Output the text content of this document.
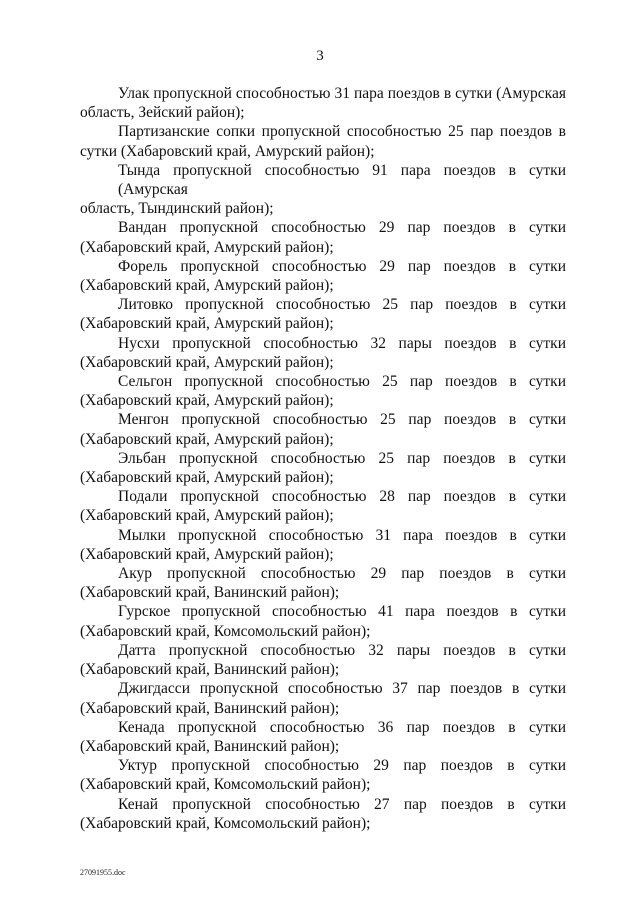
3

Улак пропускной способностью 31 пара поездов в сутки (Амурская
область, Зейский район);

Партизанские сопки пропускной способностью 25 пар поездов в
сутки (Хабаровский край, Амурский район);

Тында пропускной способностью 91 пара поездов в сутки (Амурская
область, Тындинский район);

Вандан пропускной способностью 29 пар поездов в сутки
(Хабаровский край, Амурский район);

Форель пропускной способностью 29 пар поездов в сутки
(Хабаровский край, Амурский район);

Литовко пропускной способностью 25 пар поездов в сутки
(Хабаровский край, Амурский район);

Нусхи пропускной способностью 32 пары поездов в сутки
(Хабаровский край, Амурский район);

Сельгон пропускной способностью 25 пар поездов в сутки
(Хабаровский край, Амурский район);

Менгон пропускной способностью 25 пар поездов в сутки
(Хабаровский край, Амурский район);

Эльбан пропускной способностью 25 пар поездов в сутки
(Хабаровский край, Амурский район);

Подали пропускной способностью 28 пар поездов в сутки
(Хабаровский край, Амурский район);

Мылки пропускной способностью 31 пара поездов в сутки
(Хабаровский край, Амурский район);

Акур пропускной способностью 29 пар поездов в сутки
(Хабаровский край, Ванинский район);

Гурское пропускной способностью 41 пара поездов в сутки
(Хабаровский край, Комсомольский район);

Датта пропускной способностью 32 пары поездов в сутки
(Хабаровский край, Ванинский район);

Джигдасси пропускной способностью 37 пар поездов в сутки
(Хабаровский край, Ванинский район);

Кенада пропускной способностью 36 пар поездов в сутки
(Хабаровский край, Ванинский район);

Уктур пропускной способностью 29 пар поездов в сутки
(Хабаровский край, Комсомольский район);

Кенай пропускной способностью 27 пар поездов в сутки
(Хабаровский край, Комсомольский район);

27091955.doc
